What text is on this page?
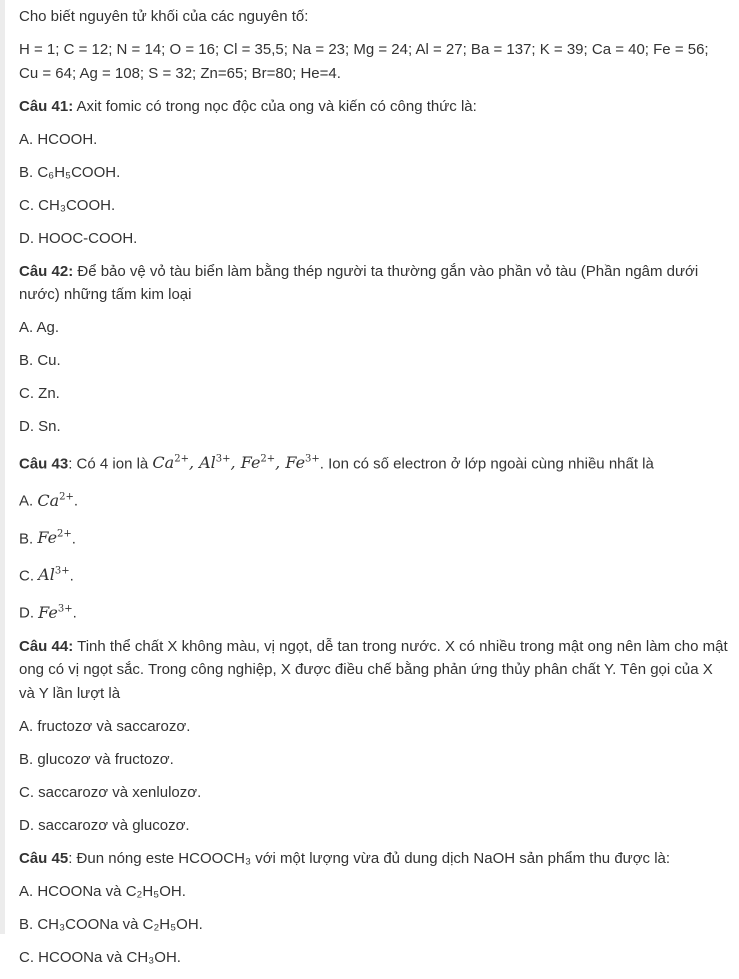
Cho biết nguyên tử khối của các nguyên tố:

H = 1; C = 12; N = 14; O = 16; Cl = 35,5; Na = 23; Mg = 24; Al = 27; Ba = 137; K = 39; Ca = 40; Fe = 56; Cu = 64; Ag = 108; S = 32; Zn=65; Br=80; He=4.

Câu 41: Axit fomic có trong nọc độc của ong và kiến có công thức là:

A. HCOOH.

B. C₆H₅COOH.

C. CH₃COOH.

D. HOOC-COOH.

Câu 42: Để bảo vệ vỏ tàu biển làm bằng thép người ta thường gắn vào phần vỏ tàu (Phần ngâm dưới nước) những tấm kim loại

A. Ag.

B. Cu.

C. Zn.

D. Sn.

Câu 43: Có 4 ion là $Ca^{2+}$, $Al^{3+}$, $Fe^{2+}$, $Fe^{3+}$. Ion có số electron ở lớp ngoài cùng nhiều nhất là

A. $Ca^{2+}$.

B. $Fe^{2+}$.

C. $Al^{3+}$.

D. $Fe^{3+}$.

Câu 44: Tinh thể chất X không màu, vị ngọt, dễ tan trong nước. X có nhiều trong mật ong nên làm cho mật ong có vị ngọt sắc. Trong công nghiệp, X được điều chế bằng phản ứng thủy phân chất Y. Tên gọi của X và Y lần lượt là

A. fructozơ và saccarozơ.

B. glucozơ và fructozơ.

C. saccarozơ và xenlulozơ.

D. saccarozơ và glucozơ.

Câu 45: Đun nóng este HCOOCH₃ với một lượng vừa đủ dung dịch NaOH sản phẩm thu được là:

A. HCOONa và C₂H₅OH.

B. CH₃COONa và C₂H₅OH.

C. HCOONa và CH₃OH.
